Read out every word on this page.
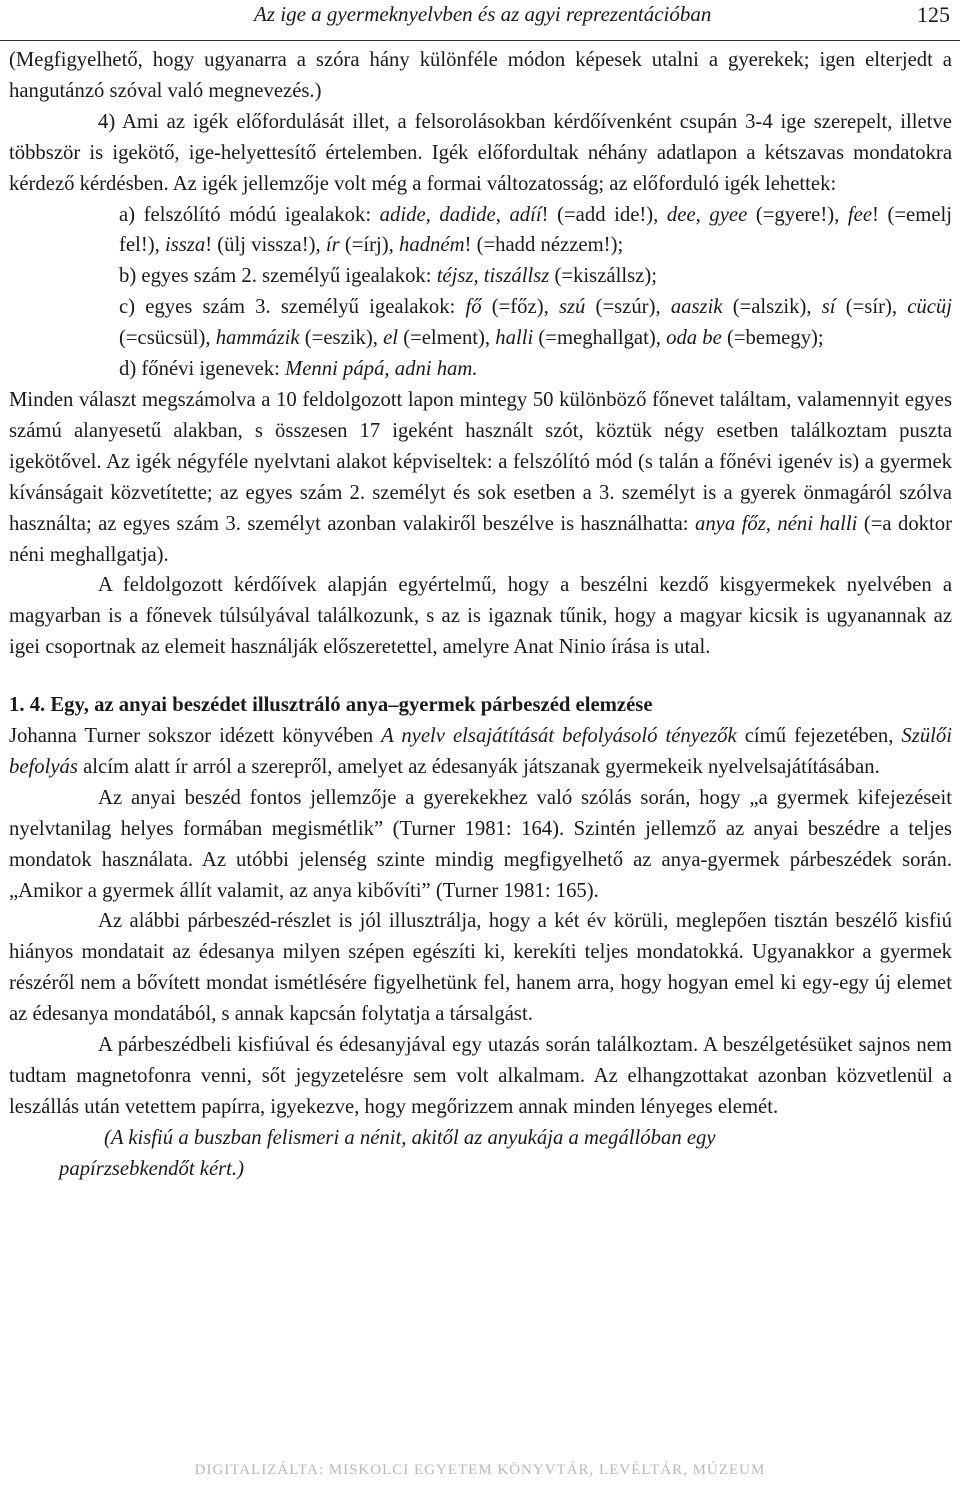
Az ige a gyermeknyelvben és az agyi reprezentációban	125

(Megfigyelhető, hogy ugyanarra a szóra hány különféle módon képesek utalni a gyerekek; igen elterjedt a hangutánzó szóval való megnevezés.)

4) Ami az igék előfordulását illet, a felsorolásokban kérdőívenként csupán 3-4 ige szerepelt, illetve többször is igekötő, ige-helyettesítő értelemben. Igék előfordultak néhány adatlapon a kétszavas mondatokra kérdező kérdésben. Az igék jellemzője volt még a formai változatosság; az előforduló igék lehettek:

a) felszólító módú igealakok: adide, dadide, adíí! (=add ide!), dee, gyee (=gyere!), fee! (=emelj fel!), issza! (ülj vissza!), ír (=írj), hadném! (=hadd nézzem!);

b) egyes szám 2. személyű igealakok: téjsz, tiszállsz (=kiszállsz);

c) egyes szám 3. személyű igealakok: fő (=főz), szú (=szúr), aaszik (=alszik), sí (=sír), cücüj (=csücsül), hammázik (=eszik), el (=elment), halli (=meghallgat), oda be (=bemegy);

d) főnévi igenevek: Menni pápá, adni ham.

Minden választ megszámolva a 10 feldolgozott lapon mintegy 50 különböző főnevet találtam, valamennyit egyes számú alanyesetű alakban, s összesen 17 igeként használt szót, köztük négy esetben találkoztam puszta igekötővel. Az igék négyféle nyelvtani alakot képviseltek: a felszólító mód (s talán a főnévi igenév is) a gyermek kívánságait közvetítette; az egyes szám 2. személyt és sok esetben a 3. személyt is a gyerek önmagáról szólva használta; az egyes szám 3. személyt azonban valakiről beszélve is használhatta: anya főz, néni halli (=a doktor néni meghallgatja).

A feldolgozott kérdőívek alapján egyértelmű, hogy a beszélni kezdő kisgyermekek nyelvében a magyarban is a főnevek túlsúlyával találkozunk, s az is igaznak tűnik, hogy a magyar kicsik is ugyanannak az igei csoportnak az elemeit használják előszeretettel, amelyre Anat Ninio írása is utal.

1. 4. Egy, az anyai beszédet illusztráló anya–gyermek párbeszéd elemzése

Johanna Turner sokszor idézett könyvében A nyelv elsajátítását befolyásoló tényezők című fejezetében, Szülői befolyás alcím alatt ír arról a szerepről, amelyet az édesanyák játszanak gyermekeik nyelvelsajátításában.

Az anyai beszéd fontos jellemzője a gyerekekhez való szólás során, hogy „a gyermek kifejezéseit nyelvtanilag helyes formában megismétlik” (Turner 1981: 164). Szintén jellemző az anyai beszédre a teljes mondatok használata. Az utóbbi jelenség szinte mindig megfigyelhető az anya-gyermek párbeszédek során. „Amikor a gyermek állít valamit, az anya kibővíti” (Turner 1981: 165).

Az alábbi párbeszéd-részlet is jól illusztrálja, hogy a két év körüli, meglepően tisztán beszélő kisfiú hiányos mondatait az édesanya milyen szépen egészíti ki, kerekíti teljes mondatokká. Ugyanakkor a gyermek részéről nem a bővített mondat ismétlésére figyelhetünk fel, hanem arra, hogy hogyan emel ki egy-egy új elemet az édesanya mondatából, s annak kapcsán folytatja a társalgást.

A párbeszédbeli kisfiúval és édesanyjával egy utazás során találkoztam. A beszélgetésüket sajnos nem tudtam magnetofonra venni, sőt jegyzetelésre sem volt alkalmam. Az elhangzottakat azonban közvetlenül a leszállás után vetettem papírra, igyekezve, hogy megőrizzem annak minden lényeges elemét.

(A kisfiú a buszban felismeri a nénit, akitől az anyukája a megállóban egy

papírzsebkendőt kért.)

DIGITALIZÁLTA: MISKOLCI EGYETEM KÖNYVTÁR, LEVÉLTÁR, MÚZEUM
